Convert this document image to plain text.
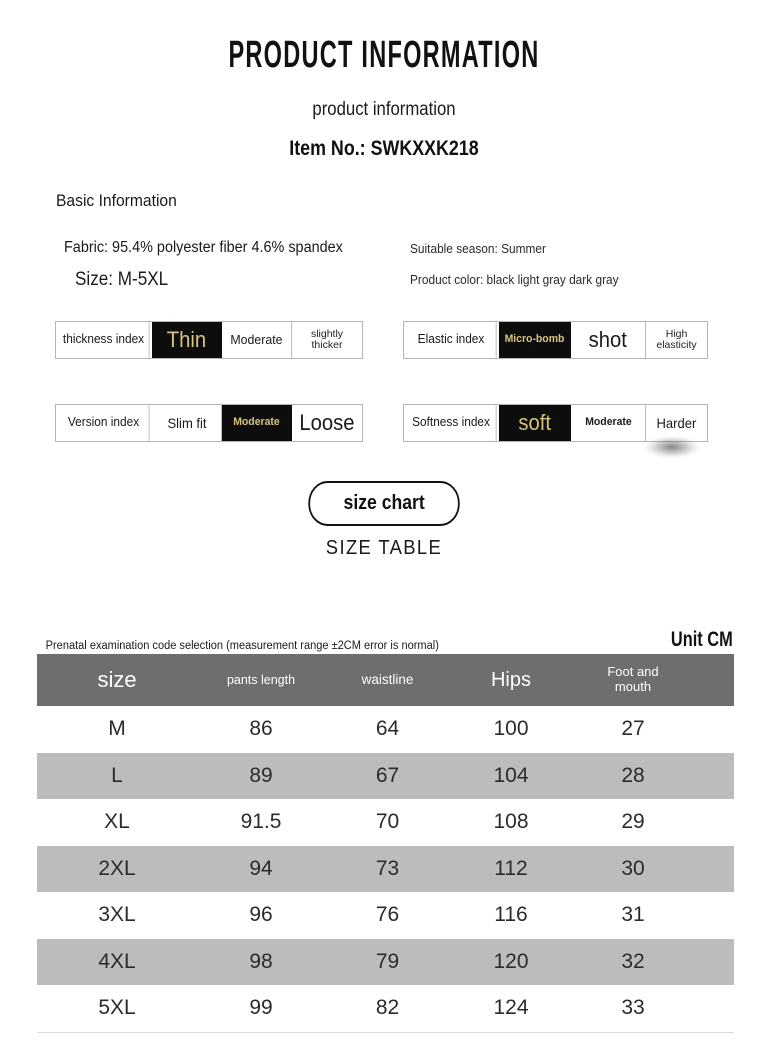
PRODUCT INFORMATION
product information
Item No.: SWKXXK218
Basic Information
Fabric: 95.4% polyester fiber 4.6% spandex
Size: M-5XL
Suitable season: Summer
Product color: black light gray dark gray
thickness index Thin Moderate	slightly
thicker	Elastic index	Micro-bomb shot	High
elasticity
Version index	Slim fit Moderate Loose	Softness index	soft	Moderate Harder
size chart
SIZE TABLE
Prenatal examination code selection (measurement range ±2CM error is normal)	Unit CM
size	pants length	waistline	Hips	Foot and
mouth	

M	86	64	100	27	
L	89	67	104	28	
XL	91.5	70	108	29	
2XL	94	73	112	30	
3XL	96	76	116	31	
4XL	98	79	120	32	
5XL	99	82	124	33	
